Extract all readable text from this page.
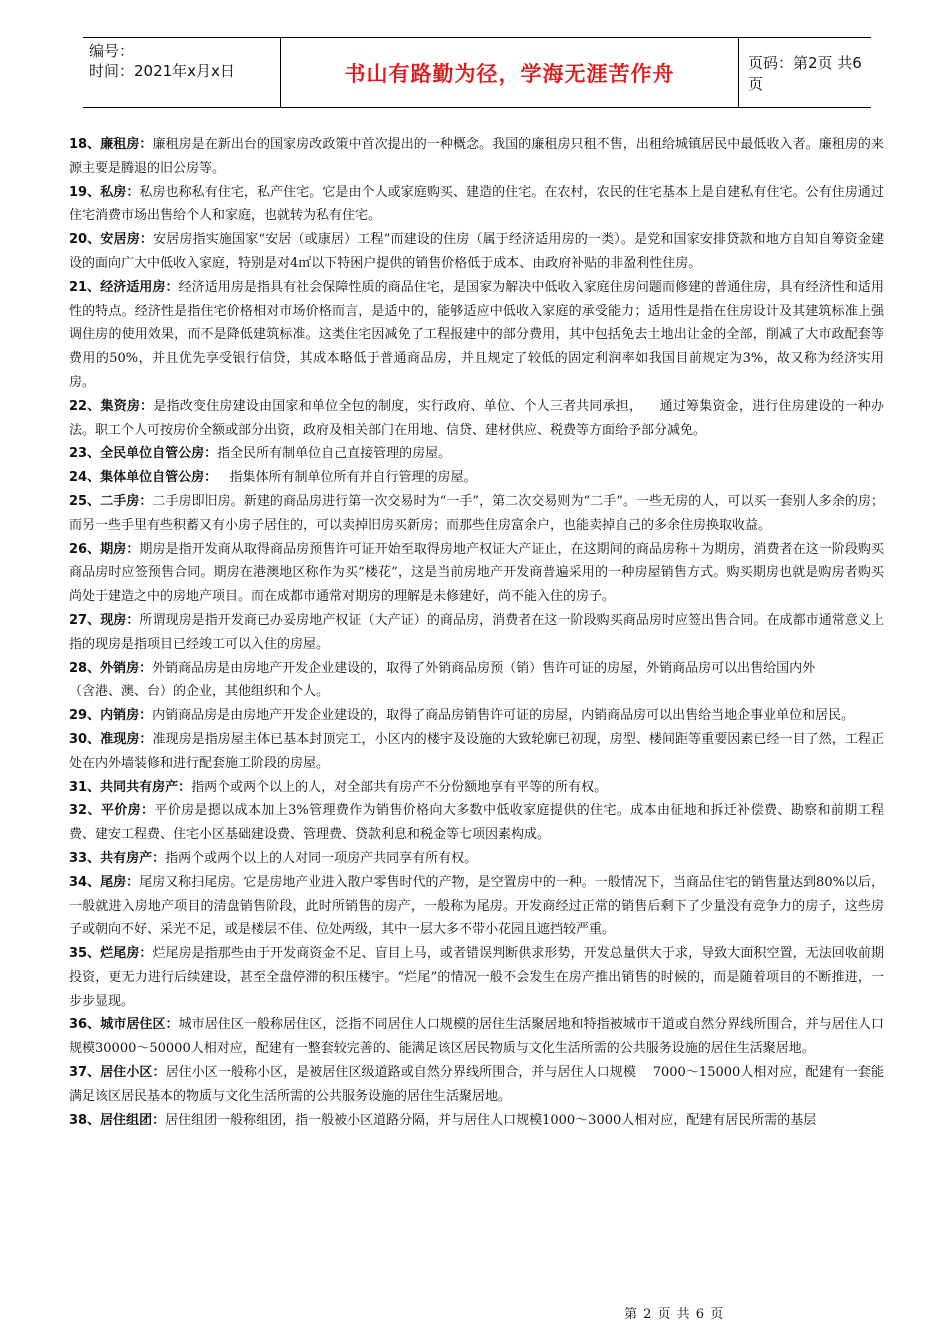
编号：
时间：2021年x月x日	书山有路勤为径，学海无涯苦作舟	页码：第2页 共6页

18、廉租房：廉租房是在新出台的国家房改政策中首次提出的一种概念。我国的廉租房只租不售，出租给城镇居民中最低收入者。廉租房的来源主要是腾退的旧公房等。

19、私房：私房也称私有住宅，私产住宅。它是由个人或家庭购买、建造的住宅。在农村，农民的住宅基本上是自建私有住宅。公有住房通过住宅消费市场出售给个人和家庭，也就转为私有住宅。

20、安居房：安居房指实施国家“安居（或康居）工程”而建设的住房（属于经济适用房的一类）。是党和国家安排贷款和地方自知自筹资金建设的面向广大中低收入家庭，特别是对4㎡以下特困户提供的销售价格低于成本、由政府补贴的非盈利性住房。

21、经济适用房：经济适用房是指具有社会保障性质的商品住宅，是国家为解决中低收入家庭住房问题而修建的普通住房，具有经济性和适用性的特点。经济性是指住宅价格相对市场价格而言，是适中的，能够适应中低收入家庭的承受能力；适用性是指在住房设计及其建筑标准上强调住房的使用效果，而不是降低建筑标准。这类住宅因减免了工程报建中的部分费用，其中包括免去土地出让金的全部，削减了大市政配套等费用的50%，并且优先享受银行信贷，其成本略低于普通商品房，并且规定了较低的固定利润率如我国目前规定为3%，故又称为经济实用房。

22、集资房：是指改变住房建设由国家和单位全包的制度，实行政府、单位、个人三者共同承担，    通过筹集资金，进行住房建设的一种办法。职工个人可按房价全额或部分出资，政府及相关部门在用地、信贷、建材供应、税费等方面给予部分减免。

23、全民单位自管公房：指全民所有制单位自己直接管理的房屋。

24、集体单位自管公房：   指集体所有制单位所有并自行管理的房屋。

25、二手房：二手房即旧房。新建的商品房进行第一次交易时为“一手”，第二次交易则为“二手”。一些无房的人，可以买一套别人多余的房；而另一些手里有些积蓄又有小房子居住的，可以卖掉旧房买新房；而那些住房富余户，也能卖掉自己的多余住房换取收益。

26、期房：期房是指开发商从取得商品房预售许可证开始至取得房地产权证大产证止，在这期间的商品房称＋为期房，消费者在这一阶段购买商品房时应签预售合同。期房在港澳地区称作为买“楼花”，这是当前房地产开发商普遍采用的一种房屋销售方式。购买期房也就是购房者购买尚处于建造之中的房地产项目。而在成都市通常对期房的理解是未修建好，尚不能入住的房子。

27、现房：所谓现房是指开发商已办妥房地产权证（大产证）的商品房，消费者在这一阶段购买商品房时应签出售合同。在成都市通常意义上指的现房是指项目已经竣工可以入住的房屋。

28、外销房：外销商品房是由房地产开发企业建设的，取得了外销商品房预（销）售许可证的房屋，外销商品房可以出售给国内外
（含港、澳、台）的企业，其他组织和个人。

29、内销房：内销商品房是由房地产开发企业建设的，取得了商品房销售许可证的房屋，内销商品房可以出售给当地企事业单位和居民。

30、准现房：准现房是指房屋主体已基本封顶完工，小区内的楼宇及设施的大致轮廓已初现，房型、楼间距等重要因素已经一目了然，工程正处在内外墙装修和进行配套施工阶段的房屋。

31、共同共有房产：指两个或两个以上的人，对全部共有房产不分份额地享有平等的所有权。

32、平价房：平价房是摁以成本加上3%管理费作为销售价格向大多数中低收家庭提供的住宅。成本由征地和拆迁补偿费、勘察和前期工程费、建安工程费、住宅小区基础建设费、管理费、贷款利息和税金等七项因素构成。

33、共有房产：指两个或两个以上的人对同一项房产共同享有所有权。

34、尾房：尾房又称扫尾房。它是房地产业进入散户零售时代的产物，是空置房中的一种。一般情况下，当商品住宅的销售量达到80%以后，一般就进入房地产项目的清盘销售阶段，此时所销售的房产，一般称为尾房。开发商经过正常的销售后剩下了少量没有竞争力的房子，这些房子或朝向不好、采光不足，或是楼层不佳、位处两级，其中一层大多不带小花园且遮挡较严重。

35、烂尾房：烂尾房是指那些由于开发商资金不足、盲目上马，或者错误判断供求形势，开发总量供大于求，导致大面积空置，无法回收前期投资，更无力进行后续建设，甚至全盘停滞的积压楼宇。“烂尾”的情况一般不会发生在房产推出销售的时候的，而是随着项目的不断推进，一步步显现。

36、城市居住区：城市居住区一般称居住区，泛指不同居住人口规模的居住生活聚居地和特指被城市干道或自然分界线所围合，并与居住人口规模30000～50000人相对应，配建有一整套较完善的、能满足该区居民物质与文化生活所需的公共服务设施的居住生活聚居地。

37、居住小区：居住小区一般称小区，是被居住区级道路或自然分界线所围合，并与居住人口规模    7000～15000人相对应，配建有一套能满足该区居民基本的物质与文化生活所需的公共服务设施的居住生活聚居地。

38、居住组团：居住组团一般称组团，指一般被小区道路分隔，并与居住人口规模1000～3000人相对应，配建有居民所需的基层

第 2 页 共 6 页
